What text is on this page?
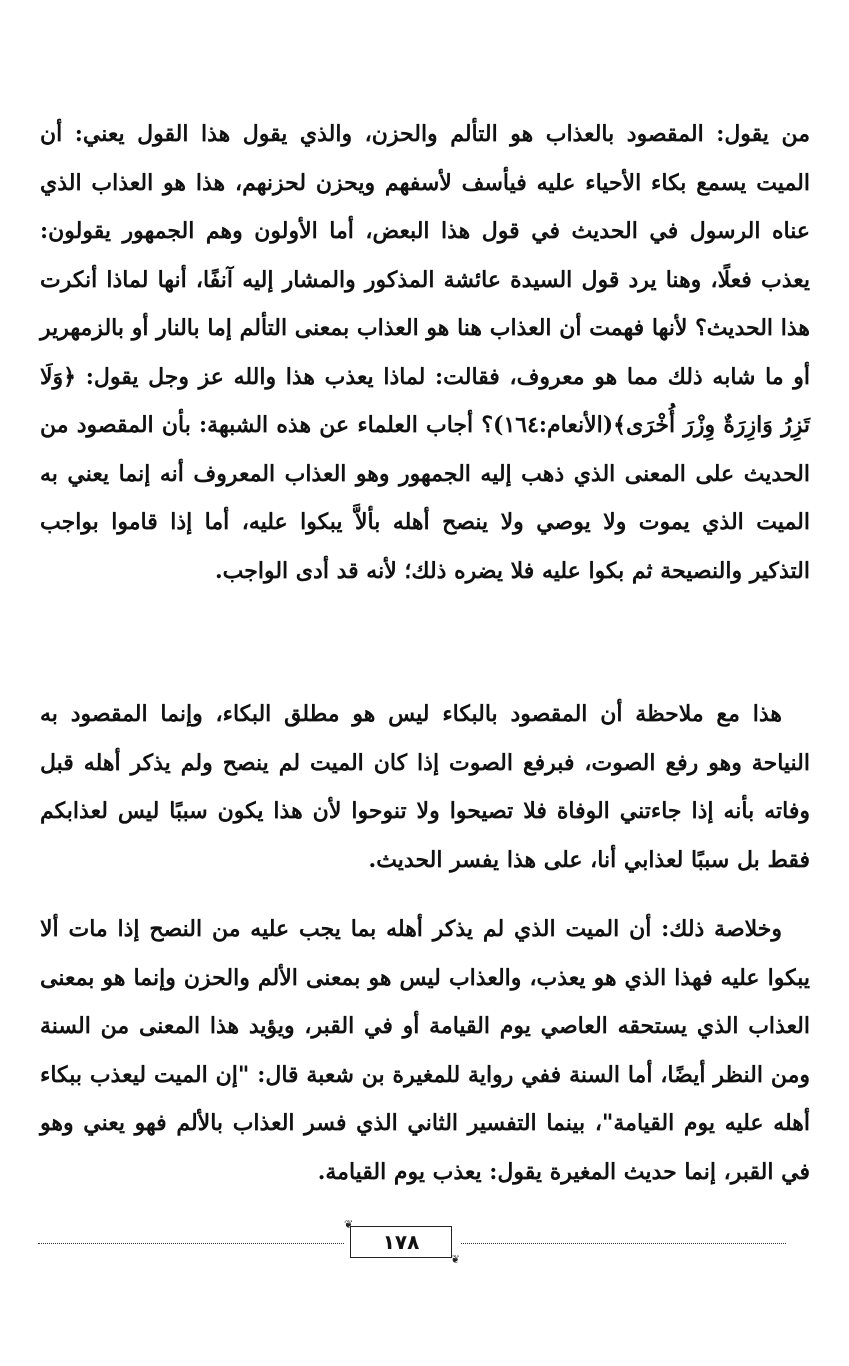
من يقول: المقصود بالعذاب هو التألم والحزن، والذي يقول هذا القول يعني: أن الميت يسمع بكاء الأحياء عليه فيأسف لأسفهم ويحزن لحزنهم، هذا هو العذاب الذي عناه الرسول في الحديث في قول هذا البعض، أما الأولون وهم الجمهور يقولون: يعذب فعلًا، وهنا يرد قول السيدة عائشة المذكور والمشار إليه آنفًا، أنها لماذا أنكرت هذا الحديث؟ لأنها فهمت أن العذاب هنا هو العذاب بمعنى التألم إما بالنار أو بالزمهرير أو ما شابه ذلك مما هو معروف، فقالت: لماذا يعذب هذا والله عز وجل يقول: ﴿وَلَا تَزِرُ وَازِرَةٌ وِزْرَ أُخْرَى﴾(الأنعام:١٦٤)؟ أجاب العلماء عن هذه الشبهة: بأن المقصود من الحديث على المعنى الذي ذهب إليه الجمهور وهو العذاب المعروف أنه إنما يعني به الميت الذي يموت ولا يوصي ولا ينصح أهله بألاَّ يبكوا عليه، أما إذا قاموا بواجب التذكير والنصيحة ثم بكوا عليه فلا يضره ذلك؛ لأنه قد أدى الواجب.

هذا مع ملاحظة أن المقصود بالبكاء ليس هو مطلق البكاء، وإنما المقصود به النياحة وهو رفع الصوت، فبرفع الصوت إذا كان الميت لم ينصح ولم يذكر أهله قبل وفاته بأنه إذا جاءتني الوفاة فلا تصيحوا ولا تنوحوا لأن هذا يكون سببًا ليس لعذابكم فقط بل سببًا لعذابي أنا، على هذا يفسر الحديث.

وخلاصة ذلك: أن الميت الذي لم يذكر أهله بما يجب عليه من النصح إذا مات ألا يبكوا عليه فهذا الذي هو يعذب، والعذاب ليس هو بمعنى الألم والحزن وإنما هو بمعنى العذاب الذي يستحقه العاصي يوم القيامة أو في القبر، ويؤيد هذا المعنى من السنة ومن النظر أيضًا، أما السنة ففي رواية للمغيرة بن شعبة قال: "إن الميت ليعذب ببكاء أهله عليه يوم القيامة"، بينما التفسير الثاني الذي فسر العذاب بالألم فهو يعني وهو في القبر، إنما حديث المغيرة يقول: يعذب يوم القيامة.

❦
١٧٨
❦
